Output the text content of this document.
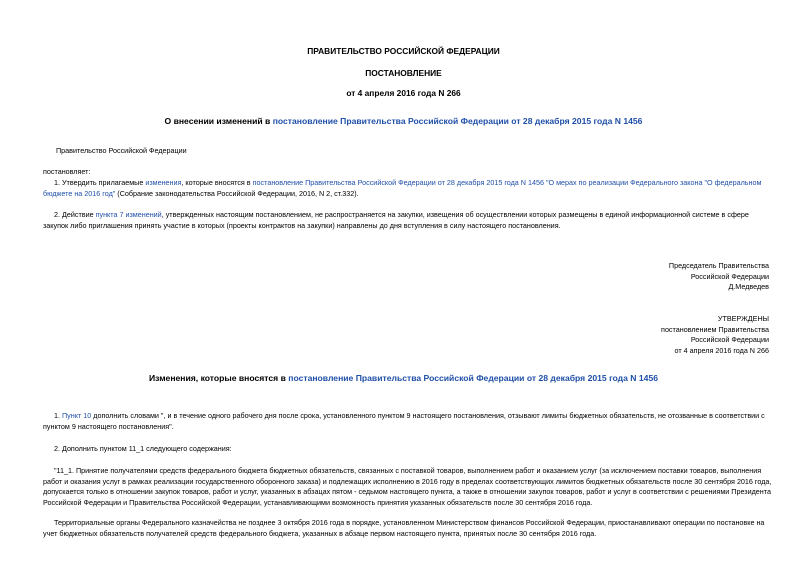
ПРАВИТЕЛЬСТВО РОССИЙСКОЙ ФЕДЕРАЦИИ
ПОСТАНОВЛЕНИЕ
от 4 апреля 2016 года N 266
О внесении изменений в постановление Правительства Российской Федерации от 28 декабря 2015 года N 1456
Правительство Российской Федерации
постановляет:
1. Утвердить прилагаемые изменения, которые вносятся в постановление Правительства Российской Федерации от 28 декабря 2015 года N 1456 "О мерах по реализации Федерального закона "О федеральном бюджете на 2016 год" (Собрание законодательства Российской Федерации, 2016, N 2, ст.332).
2. Действие пункта 7 изменений, утвержденных настоящим постановлением, не распространяется на закупки, извещения об осуществлении которых размещены в единой информационной системе в сфере закупок либо приглашения принять участие в которых (проекты контрактов на закупки) направлены до дня вступления в силу настоящего постановления.

Председатель Правительства

Российской Федерации

Д.Медведев

УТВЕРЖДЕНЫ

постановлением Правительства

Российской Федерации

от 4 апреля 2016 года N 266

Изменения, которые вносятся в постановление Правительства Российской Федерации от 28 декабря 2015 года N 1456
1. Пункт 10 дополнить словами ", и в течение одного рабочего дня после срока, установленного пунктом 9 настоящего постановления, отзывают лимиты бюджетных обязательств, не отозванные в соответствии с пунктом 9 настоящего постановления".
2. Дополнить пунктом 11_1 следующего содержания:
"11_1. Принятие получателями средств федерального бюджета бюджетных обязательств, связанных с поставкой товаров, выполнением работ и оказанием услуг (за исключением поставки товаров, выполнения работ и оказания услуг в рамках реализации государственного оборонного заказа) и подлежащих исполнению в 2016 году в пределах соответствующих лимитов бюджетных обязательств после 30 сентября 2016 года, допускается только в отношении закупок товаров, работ и услуг, указанных в абзацах пятом - седьмом настоящего пункта, а также в отношении закупок товаров, работ и услуг в соответствии с решениями Президента Российской Федерации и Правительства Российской Федерации, устанавливающими возможность принятия указанных обязательств после 30 сентября 2016 года.
Территориальные органы Федерального казначейства не позднее 3 октября 2016 года в порядке, установленном Министерством финансов Российской Федерации, приостанавливают операции по постановке на учет бюджетных обязательств получателей средств федерального бюджета, указанных в абзаце первом настоящего пункта, принятых после 30 сентября 2016 года.
